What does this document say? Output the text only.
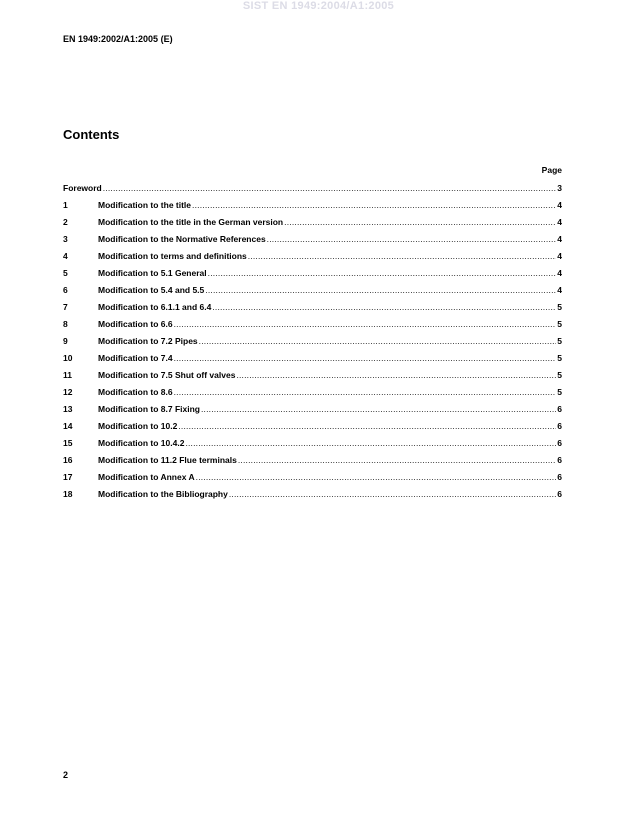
SIST EN 1949:2004/A1:2005
EN 1949:2002/A1:2005 (E)
Contents
Page
Foreword .....	3
1	Modification to the title .....	4
2	Modification to the title in the German version .....	4
3	Modification to the Normative References .....	4
4	Modification to terms and definitions .....	4
5	Modification to 5.1 General .....	4
6	Modification to 5.4 and 5.5 .....	4
7	Modification to 6.1.1 and 6.4 .....	5
8	Modification to 6.6 .....	5
9	Modification to 7.2 Pipes .....	5
10	Modification to 7.4 .....	5
11	Modification to 7.5 Shut off valves .....	5
12	Modification to 8.6 .....	5
13	Modification to 8.7 Fixing .....	6
14	Modification to 10.2 .....	6
15	Modification to 10.4.2 .....	6
16	Modification to 11.2 Flue terminals .....	6
17	Modification to Annex A .....	6
18	Modification to the Bibliography .....	6
2
